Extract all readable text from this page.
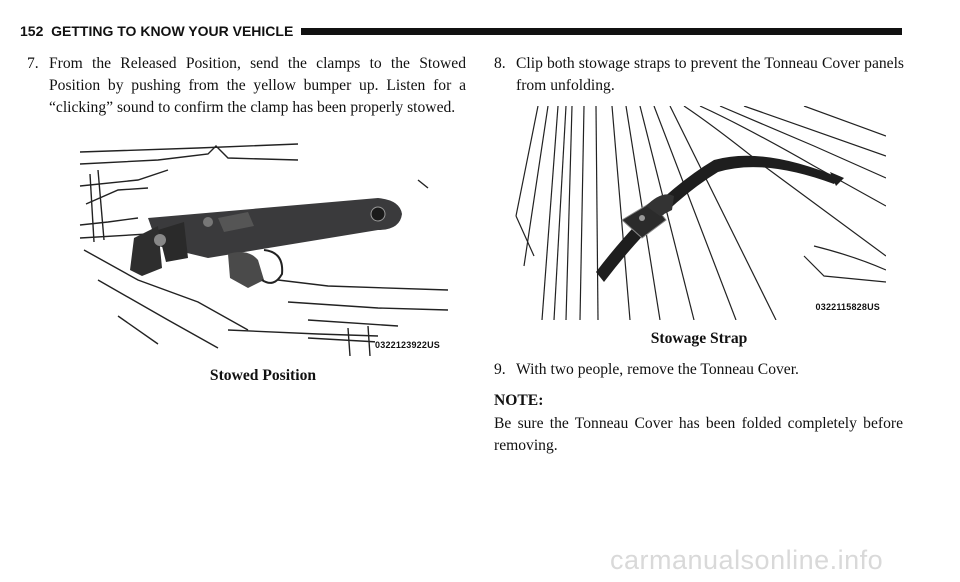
152 GETTING TO KNOW YOUR VEHICLE
7. From the Released Position, send the clamps to the Stowed Position by pushing from the yellow bumper up. Listen for a “clicking” sound to confirm the clamp has been properly stowed.
0322123922US
Stowed Position
8. Clip both stowage straps to prevent the Tonneau Cover panels from unfolding.
0322115828US
Stowage Strap
9. With two people, remove the Tonneau Cover.
NOTE:
Be sure the Tonneau Cover has been folded completely before removing.
carmanualsonline.info
